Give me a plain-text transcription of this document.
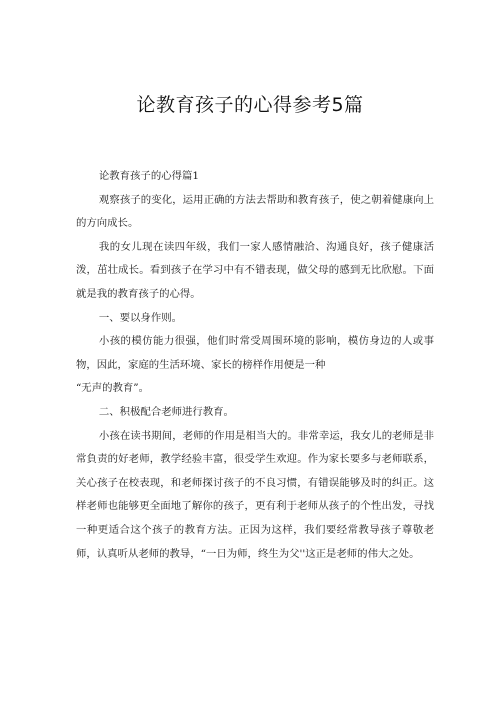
论教育孩子的心得参考5篇

论教育孩子的心得篇1

观察孩子的变化，运用正确的方法去帮助和教育孩子，使之朝着健康向上的方向成长。

我的女儿现在读四年级，我们一家人感情融洽、沟通良好，孩子健康活泼，茁壮成长。看到孩子在学习中有不错表现，做父母的感到无比欣慰。下面就是我的教育孩子的心得。

一、要以身作则。

小孩的模仿能力很强，他们时常受周围环境的影响，模仿身边的人或事物，因此，家庭的生活环境、家长的榜样作用便是一种

“无声的教育”。

二、积极配合老师进行教育。

小孩在读书期间，老师的作用是相当大的。非常幸运，我女儿的老师是非常負责的好老师，教学经验丰富，很受学生欢迎。作为家长要多与老师联系，关心孩子在校表现，和老师探讨孩子的不良习惯，有错误能够及时的纠正。这样老师也能够更全面地了解你的孩子，更有利于老师从孩子的个性出发，寻找一种更适合这个孩子的教育方法。正因为这样，我们要经常教导孩子尊敬老师，认真听从老师的教导，“一日为师，终生为父''这正是老师的伟大之处。
